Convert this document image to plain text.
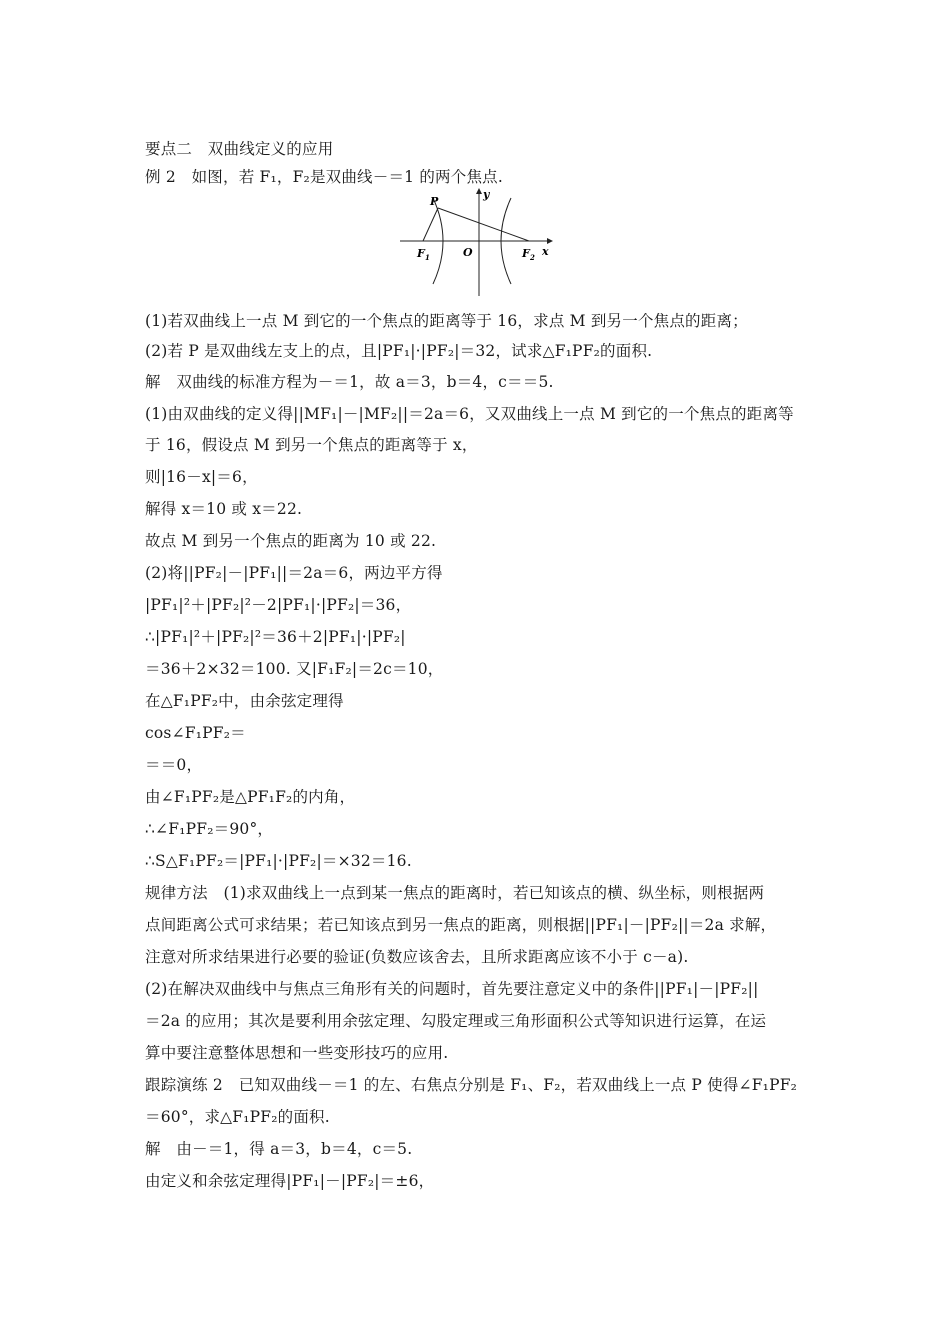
要点二　双曲线定义的应用
例 2　如图，若 F₁，F₂是双曲线－＝1 的两个焦点.
P
y
x
O
F 1	F 2
(1)若双曲线上一点 M 到它的一个焦点的距离等于 16，求点 M 到另一个焦点的距离；
(2)若 P 是双曲线左支上的点，且|PF₁|·|PF₂|＝32，试求△F₁PF₂的面积.
解　双曲线的标准方程为－＝1，故 a＝3，b＝4，c＝＝5.
(1)由双曲线的定义得||MF₁|－|MF₂||＝2a＝6，又双曲线上一点 M 到它的一个焦点的距离等
于 16，假设点 M 到另一个焦点的距离等于 x，
则|16－x|＝6，
解得 x＝10 或 x＝22.
故点 M 到另一个焦点的距离为 10 或 22.
(2)将||PF₂|－|PF₁||＝2a＝6，两边平方得
|PF₁|²＋|PF₂|²－2|PF₁|·|PF₂|＝36，
∴|PF₁|²＋|PF₂|²＝36＋2|PF₁|·|PF₂|
＝36＋2×32＝100. 又|F₁F₂|＝2c＝10，
在△F₁PF₂中，由余弦定理得
cos∠F₁PF₂＝
＝＝0，
由∠F₁PF₂是△PF₁F₂的内角，
∴∠F₁PF₂＝90°，
∴S△F₁PF₂＝|PF₁|·|PF₂|＝×32＝16.
规律方法　(1)求双曲线上一点到某一焦点的距离时，若已知该点的横、纵坐标，则根据两
点间距离公式可求结果；若已知该点到另一焦点的距离，则根据||PF₁|－|PF₂||＝2a 求解，
注意对所求结果进行必要的验证(负数应该舍去，且所求距离应该不小于 c－a).
(2)在解决双曲线中与焦点三角形有关的问题时，首先要注意定义中的条件||PF₁|－|PF₂||
＝2a 的应用；其次是要利用余弦定理、勾股定理或三角形面积公式等知识进行运算，在运
算中要注意整体思想和一些变形技巧的应用.
跟踪演练 2　已知双曲线－＝1 的左、右焦点分别是 F₁、F₂，若双曲线上一点 P 使得∠F₁PF₂
＝60°，求△F₁PF₂的面积.
解　由－＝1，得 a＝3，b＝4，c＝5.
由定义和余弦定理得|PF₁|－|PF₂|＝±6，
